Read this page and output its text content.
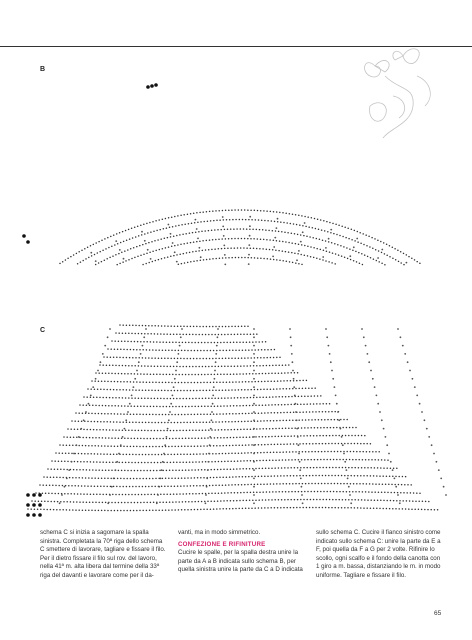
B
C

schema C si inizia a sagomare la spalla sinistra. Completata la 70ª riga dello schema C smettere di lavorare, tagliare e fissare il filo. Per il dietro fissare il filo sul rov. del lavoro, nella 41ª m. alta libera dal termine della 33ª riga del davanti e lavorare come per il da-

vanti, ma in modo simmetrico.

CONFEZIONE E RIFINITURE

Cucire le spalle, per la spalla destra unire la parte da A a B indicata sullo schema B, per quella sinistra unire la parte da C a D indicata

sullo schema C. Cucire il fianco sinistro come indicato sullo schema C: unire la parte da E a F, poi quella da F a G per 2 volte. Rifinire lo scollo, ogni scalfo e il fondo della canotta con 1 giro a m. bassa, distanziando le m. in modo uniforme. Tagliare e fissare il filo.

65
